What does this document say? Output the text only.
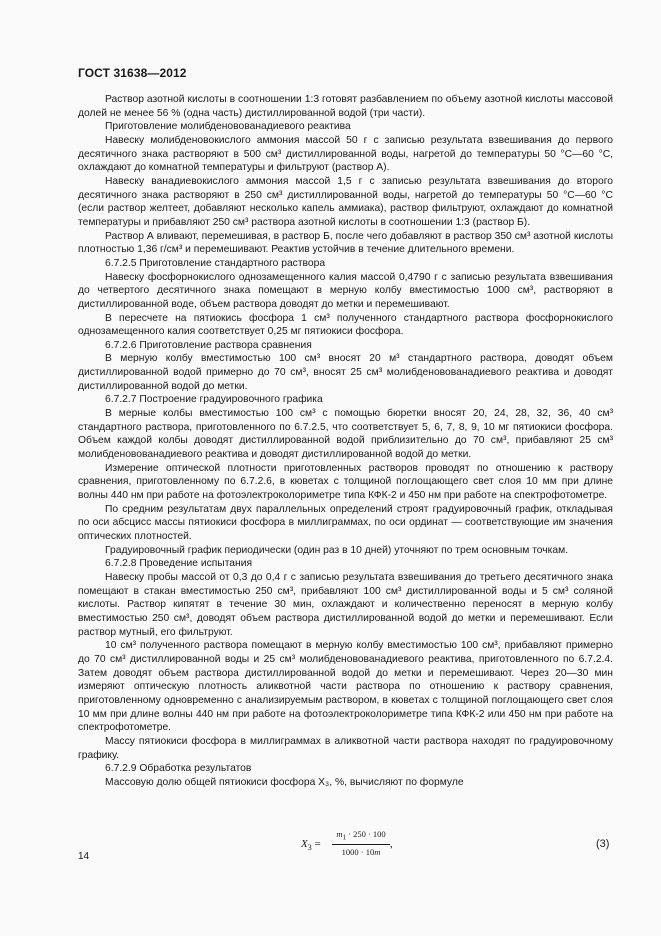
ГОСТ 31638—2012

Раствор азотной кислоты в соотношении 1:3 готовят разбавлением по объему азотной кислоты массовой долей не менее 56 % (одна часть) дистиллированной водой (три части).

Приготовление молибденовованадиевого реактива

Навеску молибденовокислого аммония массой 50 г с записью результата взвешивания до первого десятичного знака растворяют в 500 см³ дистиллированной воды, нагретой до температуры 50 °С—60 °С, охлаждают до комнатной температуры и фильтруют (раствор А).

Навеску ванадиевокислого аммония массой 1,5 г с записью результата взвешивания до второго десятичного знака растворяют в 250 см³ дистиллированной воды, нагретой до температуры 50 °С—60 °С (если раствор желтеет, добавляют несколько капель аммиака), раствор фильтруют, охлаждают до комнатной температуры и прибавляют 250 см³ раствора азотной кислоты в соотношении 1:3 (раствор Б).

Раствор А вливают, перемешивая, в раствор Б, после чего добавляют в раствор 350 см³ азотной кислоты плотностью 1,36 г/см³ и перемешивают. Реактив устойчив в течение длительного времени.

6.7.2.5 Приготовление стандартного раствора

Навеску фосфорнокислого однозамещенного калия массой 0,4790 г с записью результата взвешивания до четвертого десятичного знака помещают в мерную колбу вместимостью 1000 см³, растворяют в дистиллированной воде, объем раствора доводят до метки и перемешивают.

В пересчете на пятиокись фосфора 1 см³ полученного стандартного раствора фосфорнокислого однозамещенного калия соответствует 0,25 мг пятиокиси фосфора.

6.7.2.6 Приготовление раствора сравнения

В мерную колбу вместимостью 100 см³ вносят 20 м³ стандартного раствора, доводят объем дистиллированной водой примерно до 70 см³, вносят 25 см³ молибденовованадиевого реактива и доводят дистиллированной водой до метки.

6.7.2.7 Построение градуировочного графика

В мерные колбы вместимостью 100 см³ с помощью бюретки вносят 20, 24, 28, 32, 36, 40 см³ стандартного раствора, приготовленного по 6.7.2.5, что соответствует 5, 6, 7, 8, 9, 10 мг пятиокиси фосфора. Объем каждой колбы доводят дистиллированной водой приблизительно до 70 см³, прибавляют 25 см³ молибденовованадиевого реактива и доводят дистиллированной водой до метки.

Измерение оптической плотности приготовленных растворов проводят по отношению к раствору сравнения, приготовленному по 6.7.2.6, в кюветах с толщиной поглощающего свет слоя 10 мм при длине волны 440 нм при работе на фотоэлектроколориметре типа КФК-2 и 450 нм при работе на спектрофотометре.

По средним результатам двух параллельных определений строят градуировочный график, откладывая по оси абсцисс массы пятиокиси фосфора в миллиграммах, по оси ординат — соответствующие им значения оптических плотностей.

Градуировочный график периодически (один раз в 10 дней) уточняют по трем основным точкам.

6.7.2.8 Проведение испытания

Навеску пробы массой от 0,3 до 0,4 г с записью результата взвешивания до третьего десятичного знака помещают в стакан вместимостью 250 см³, прибавляют 100 см³ дистиллированной воды и 5 см³ соляной кислоты. Раствор кипятят в течение 30 мин, охлаждают и количественно переносят в мерную колбу вместимостью 250 см³, доводят объем раствора дистиллированной водой до метки и перемешивают. Если раствор мутный, его фильтруют.

10 см³ полученного раствора помещают в мерную колбу вместимостью 100 см³, прибавляют примерно до 70 см³ дистиллированной воды и 25 см³ молибденовованадиевого реактива, приготовленного по 6.7.2.4. Затем доводят объем раствора дистиллированной водой до метки и перемешивают. Через 20—30 мин измеряют оптическую плотность аликвотной части раствора по отношению к раствору сравнения, приготовленному одновременно с анализируемым раствором, в кюветах с толщиной поглощающего свет слоя 10 мм при длине волны 440 нм при работе на фотоэлектроколориметре типа КФК-2 или 450 нм при работе на спектрофотометре.

Массу пятиокиси фосфора в миллиграммах в аликвотной части раствора находят по градуировочному графику.

6.7.2.9 Обработка результатов

Массовую долю общей пятиокиси фосфора X₃, %, вычисляют по формуле

$X_3 = \frac{m_1 \cdot 250 \cdot 100}{1000 \cdot 10m}$ ,	(3)
14
